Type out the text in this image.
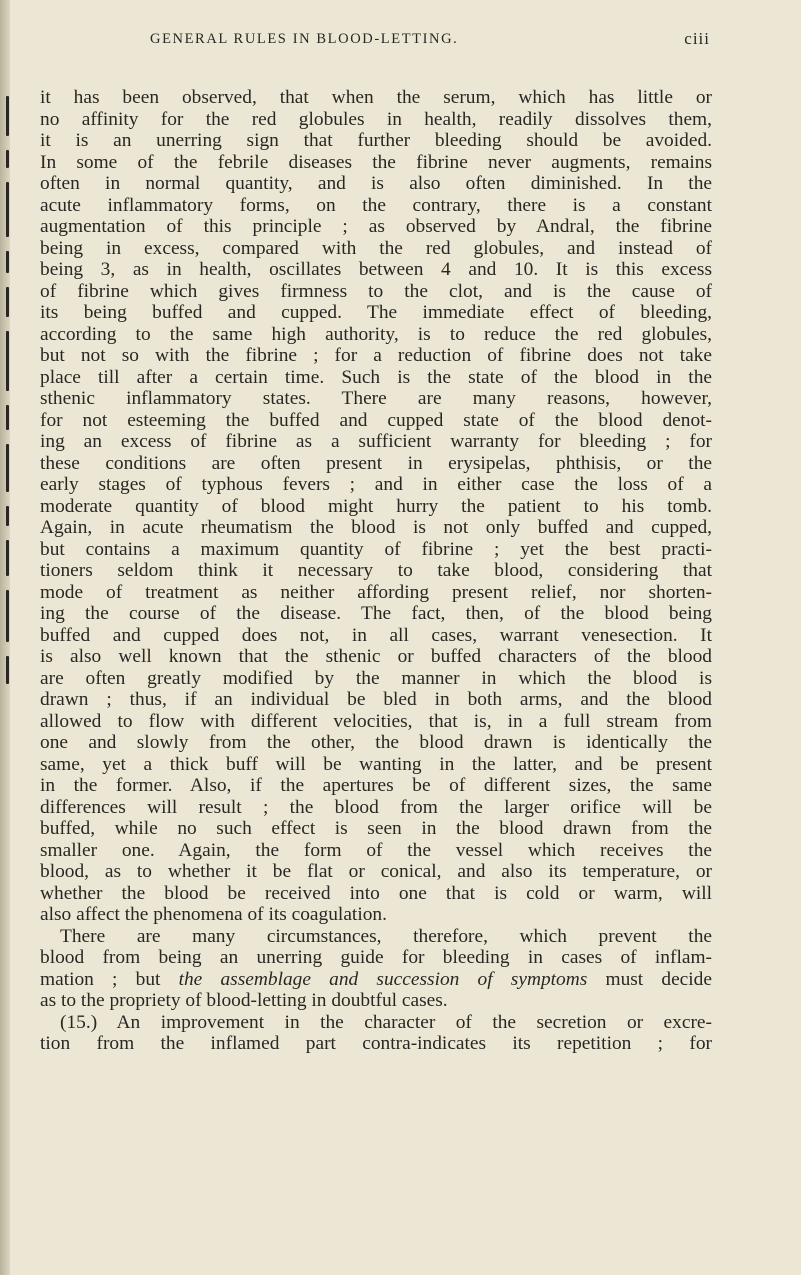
GENERAL RULES IN BLOOD-LETTING.	ciii
it has been observed, that when the serum, which has little or
no affinity for the red globules in health, readily dissolves them,
it is an unerring sign that further bleeding should be avoided.
In some of the febrile diseases the fibrine never augments, remains
often in normal quantity, and is also often diminished. In the
acute inflammatory forms, on the contrary, there is a constant
augmentation of this principle ; as observed by Andral, the fibrine
being in excess, compared with the red globules, and instead of
being 3, as in health, oscillates between 4 and 10. It is this excess
of fibrine which gives firmness to the clot, and is the cause of
its being buffed and cupped. The immediate effect of bleeding,
according to the same high authority, is to reduce the red globules,
but not so with the fibrine ; for a reduction of fibrine does not take
place till after a certain time. Such is the state of the blood in the
sthenic inflammatory states. There are many reasons, however,
for not esteeming the buffed and cupped state of the blood denot-
ing an excess of fibrine as a sufficient warranty for bleeding ; for
these conditions are often present in erysipelas, phthisis, or the
early stages of typhous fevers ; and in either case the loss of a
moderate quantity of blood might hurry the patient to his tomb.
Again, in acute rheumatism the blood is not only buffed and cupped,
but contains a maximum quantity of fibrine ; yet the best practi-
tioners seldom think it necessary to take blood, considering that
mode of treatment as neither affording present relief, nor shorten-
ing the course of the disease. The fact, then, of the blood being
buffed and cupped does not, in all cases, warrant venesection. It
is also well known that the sthenic or buffed characters of the blood
are often greatly modified by the manner in which the blood is
drawn ; thus, if an individual be bled in both arms, and the blood
allowed to flow with different velocities, that is, in a full stream from
one and slowly from the other, the blood drawn is identically the
same, yet a thick buff will be wanting in the latter, and be present
in the former. Also, if the apertures be of different sizes, the same
differences will result ; the blood from the larger orifice will be
buffed, while no such effect is seen in the blood drawn from the
smaller one. Again, the form of the vessel which receives the
blood, as to whether it be flat or conical, and also its temperature, or
whether the blood be received into one that is cold or warm, will
also affect the phenomena of its coagulation.
There are many circumstances, therefore, which prevent the
blood from being an unerring guide for bleeding in cases of inflam-
mation ; but the assemblage and succession of symptoms must decide
as to the propriety of blood-letting in doubtful cases.
(15.) An improvement in the character of the secretion or excre-
tion from the inflamed part contra-indicates its repetition ; for
